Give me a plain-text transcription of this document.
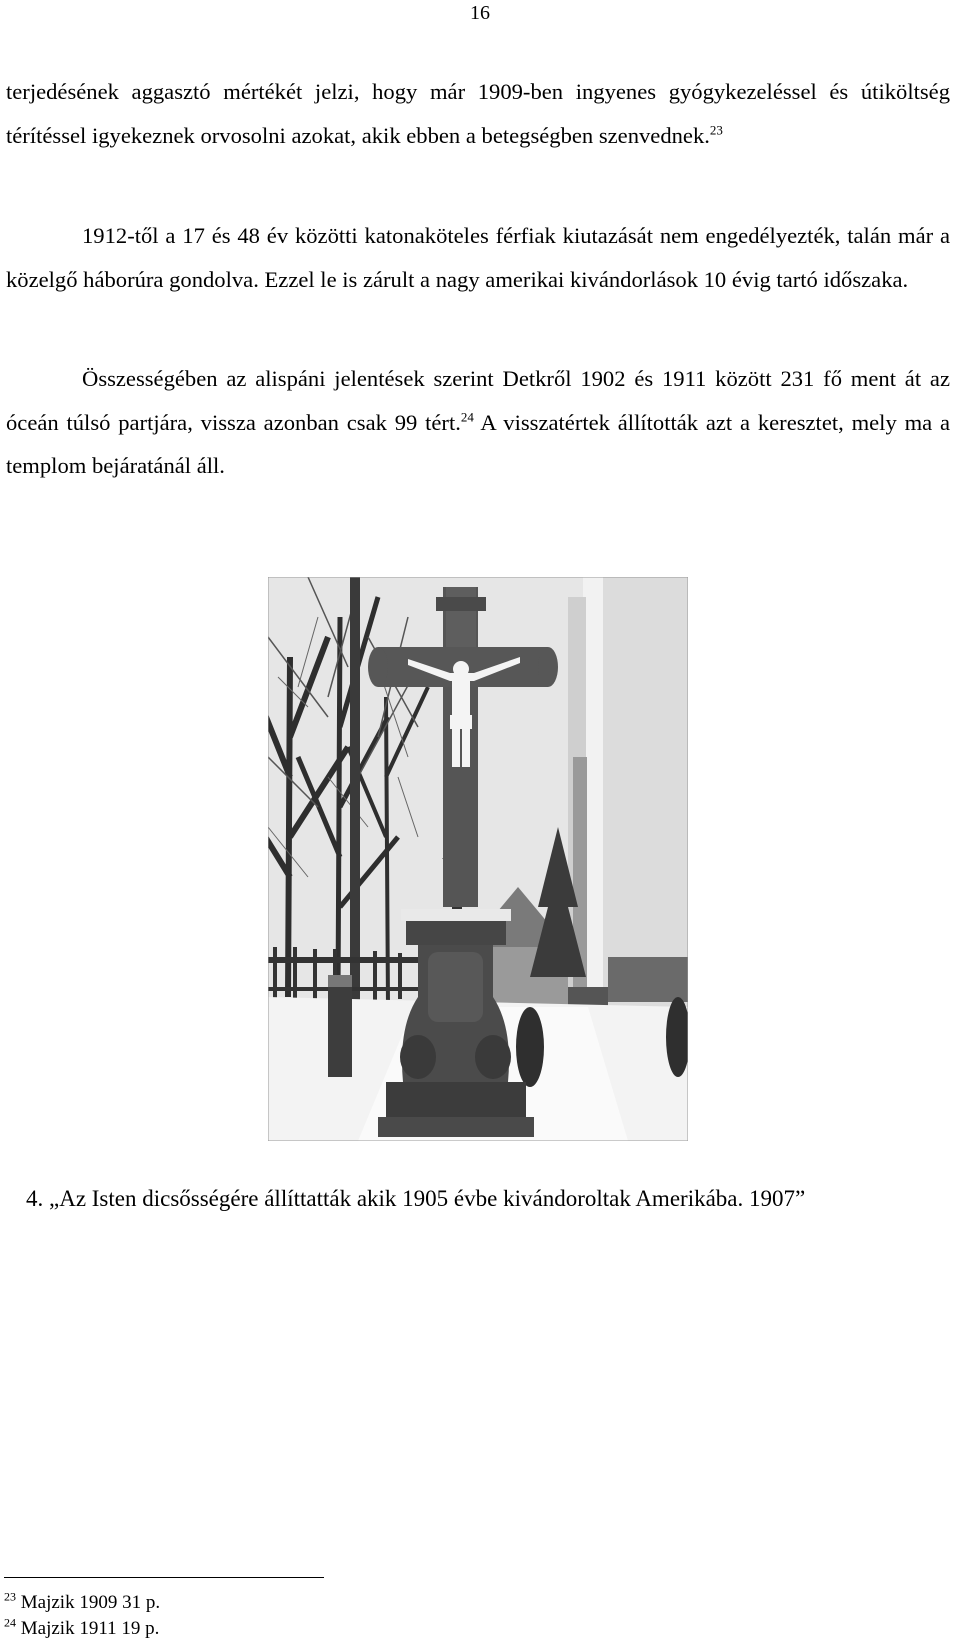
16
terjedésének aggasztó mértékét jelzi, hogy már 1909-ben ingyenes gyógykezeléssel és útiköltség térítéssel igyekeznek orvosolni azokat, akik ebben a betegségben szenvednek.$^{23}$
1912-től a 17 és 48 év közötti katonaköteles férfiak kiutazását nem engedélyezték, talán már a közelgő háborúra gondolva. Ezzel le is zárult a nagy amerikai kivándorlások 10 évig tartó időszaka.
Összességében az alispáni jelentések szerint Detkről 1902 és 1911 között 231 fő ment át az óceán túlsó partjára, vissza azonban csak 99 tért.$^{24}$ A visszatértek állították azt a keresztet, mely ma a templom bejáratánál áll.
4. „Az Isten dicsősségére állíttatták akik 1905 évbe kivándoroltak Amerikába. 1907”
$^{23}$ Majzik 1909 31 p.
$^{24}$ Majzik 1911 19 p.
